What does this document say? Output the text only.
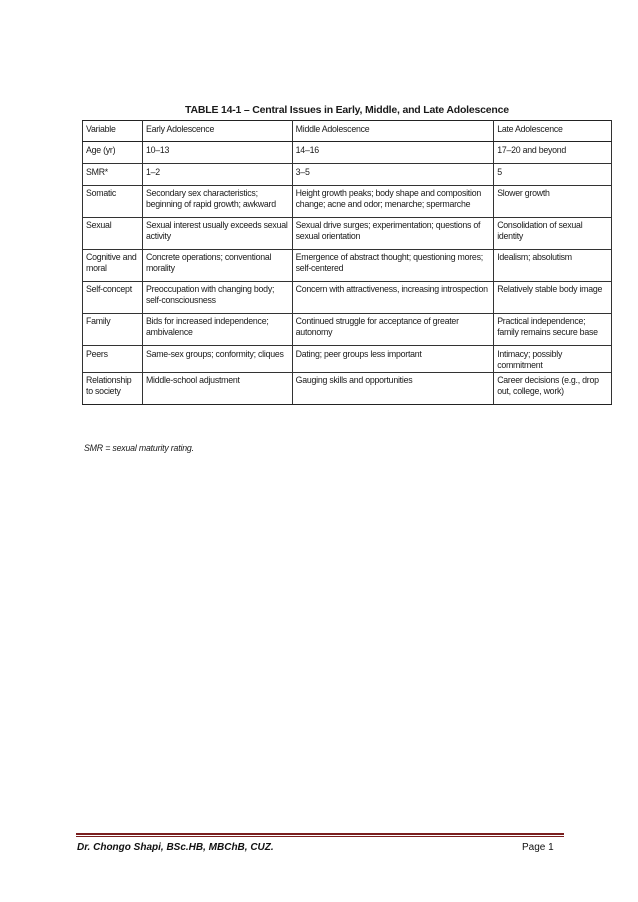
TABLE 14-1 – Central Issues in Early, Middle, and Late Adolescence
Variable	Early Adolescence	Middle Adolescence	Late Adolescence
Age (yr)	10–13	14–16	17–20 and beyond
SMR*	1–2	3–5	5
Somatic	Secondary sex characteristics; beginning of rapid growth; awkward	Height growth peaks; body shape and composition change; acne and odor; menarche; spermarche	Slower growth
Sexual	Sexual interest usually exceeds sexual activity	Sexual drive surges; experimentation; questions of sexual orientation	Consolidation of sexual identity
Cognitive and moral	Concrete operations; conventional morality	Emergence of abstract thought; questioning mores; self-centered	Idealism; absolutism
Self-concept	Preoccupation with changing body; self-consciousness	Concern with attractiveness, increasing introspection	Relatively stable body image
Family	Bids for increased independence; ambivalence	Continued struggle for acceptance of greater autonomy	Practical independence; family remains secure base
Peers	Same-sex groups; conformity; cliques	Dating; peer groups less important	Intimacy; possibly commitment
Relationship to society	Middle-school adjustment	Gauging skills and opportunities	Career decisions (e.g., drop out, college, work)
SMR = sexual maturity rating.
Dr. Chongo Shapi, BSc.HB, MBChB, CUZ.	Page 1
